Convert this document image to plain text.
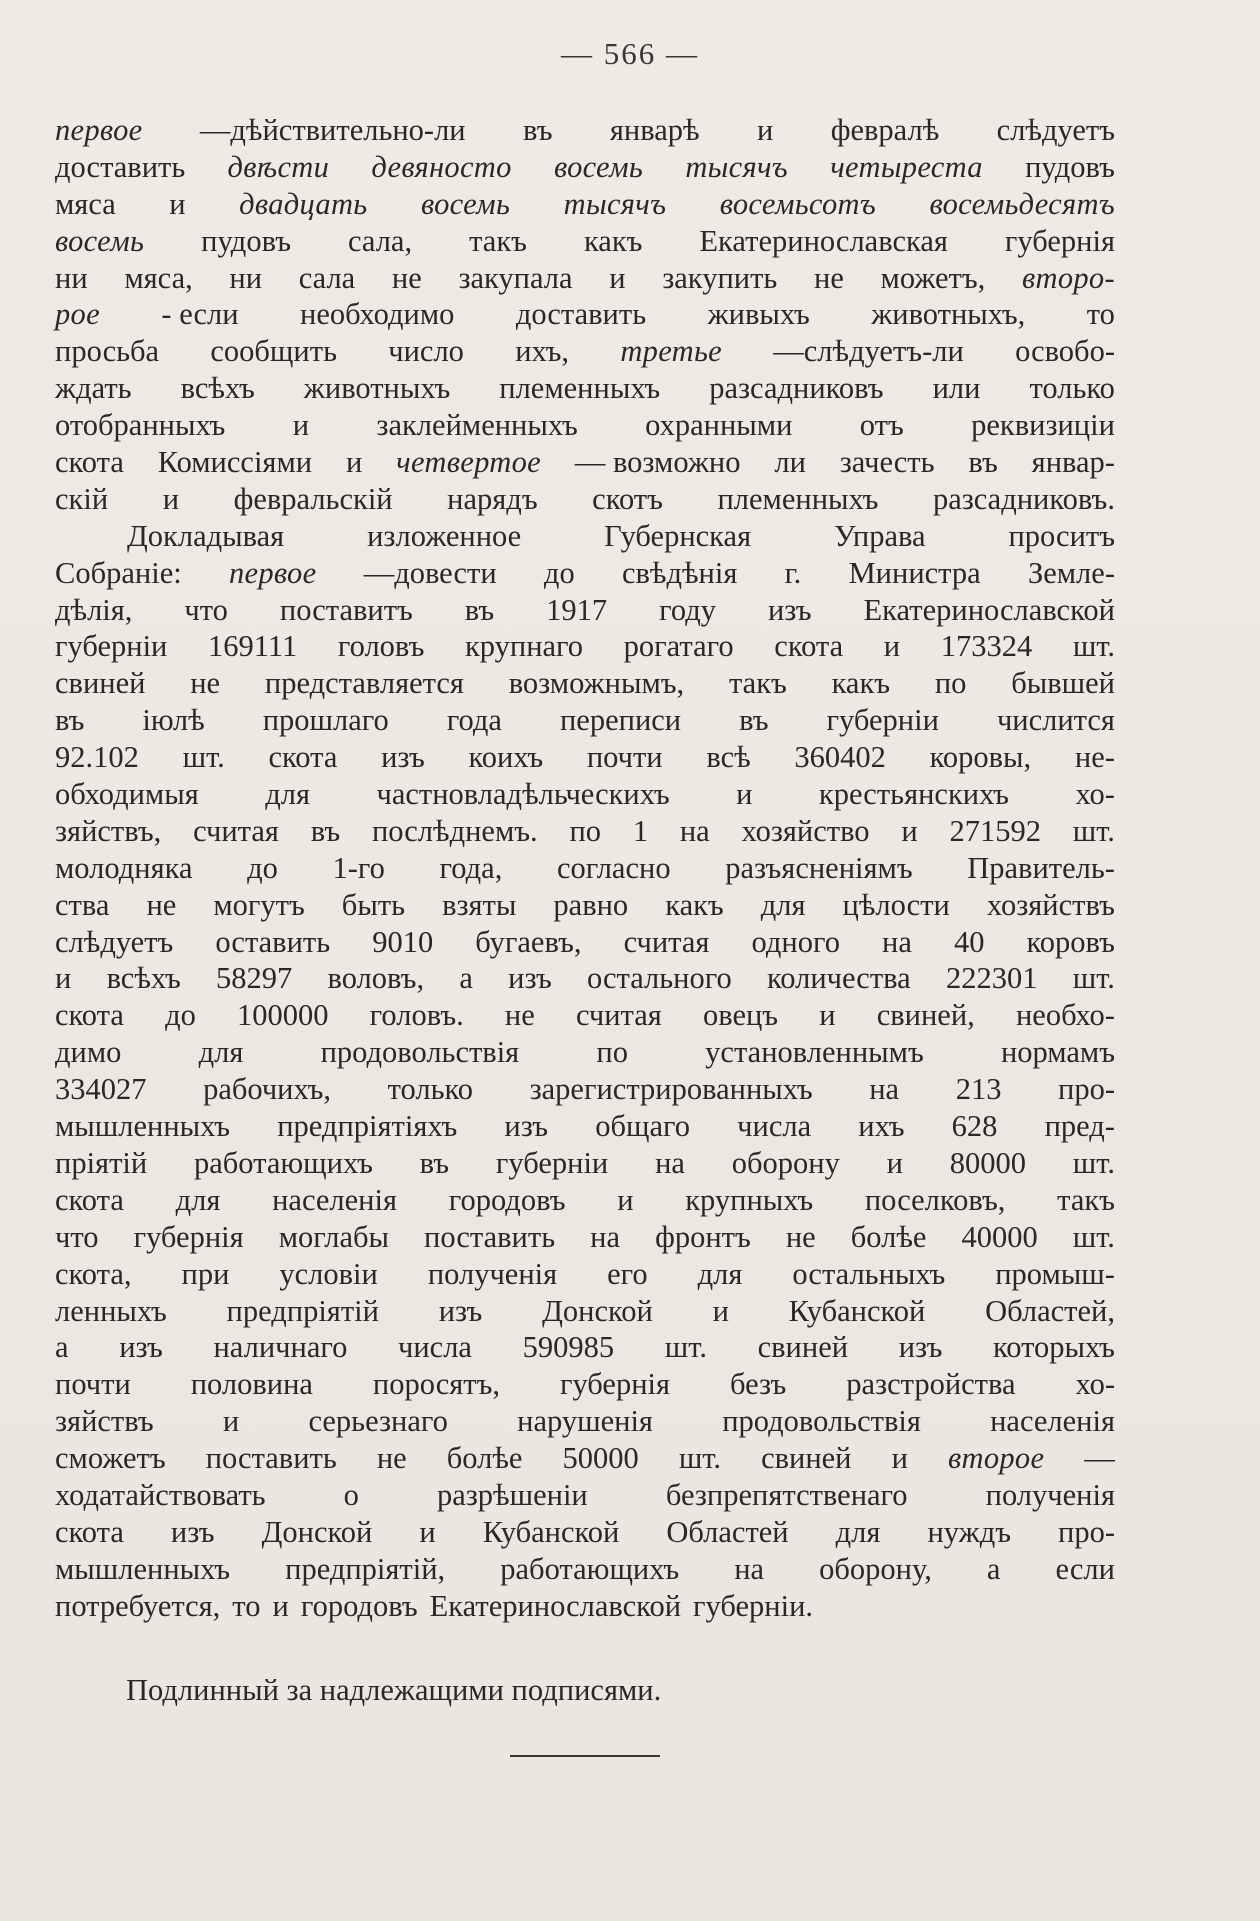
— 566 —
первое —дѣйствительно-ли въ январѣ и февралѣ слѣдуетъ
доставить двѣсти девяносто восемь тысячъ четыреста пудовъ
мяса и двадцать восемь тысячъ восемьсотъ восемьдесятъ
восемь пудовъ сала, такъ какъ Екатеринославская губернія
ни мяса, ни сала не закупала и закупить не можетъ, второ-
рое - если необходимо доставить живыхъ животныхъ, то
просьба сообщить число ихъ, третье —слѣдуетъ-ли освобо-
ждать всѣхъ животныхъ племенныхъ разсадниковъ или только
отобранныхъ и заклейменныхъ охранными отъ реквизиціи
скота Комиссіями и четвертое — возможно ли зачесть въ январ-
скій и февральскій нарядъ скотъ племенныхъ разсадниковъ.
Докладывая	изложенное	Губернская	Управа	проситъ
Собраніе: первое —довести до свѣдѣнія г. Министра Земле-
дѣлія, что поставитъ въ 1917 году изъ Екатеринославской
губерніи 169111 головъ крупнаго рогатаго скота и 173324 шт.
свиней не представляется возможнымъ, такъ какъ по бывшей
въ іюлѣ прошлаго года переписи въ губерніи числится
92.102 шт. скота изъ коихъ почти всѣ 360402 коровы, не-
обходимыя для частновладѣльческихъ и крестьянскихъ хо-
зяйствъ, считая въ послѣднемъ. по 1 на хозяйство и 271592 шт.
молодняка до 1-го года, согласно разъясненіямъ Правитель-
ства не могутъ быть взяты равно какъ для цѣлости хозяйствъ
слѣдуетъ оставить 9010 бугаевъ, считая одного на 40 коровъ
и всѣхъ 58297 воловъ, а изъ остального количества 222301 шт.
скота до 100000 головъ. не считая овецъ и свиней, необхо-
димо	для	продовольствія	по	установленнымъ	нормамъ
334027 рабочихъ, только зарегистрированныхъ на 213 про-
мышленныхъ предпріятіяхъ изъ общаго числа ихъ 628 пред-
пріятій работающихъ въ губерніи на оборону и 80000 шт.
скота для населенія городовъ и крупныхъ поселковъ, такъ
что губернія моглабы поставить на фронтъ не болѣе 40000 шт.
скота, при условіи полученія его для остальныхъ промыш-
ленныхъ предпріятій изъ Донской и Кубанской Областей,
а изъ наличнаго числа 590985 шт. свиней изъ которыхъ
почти половина поросятъ, губернія безъ разстройства хо-
зяйствъ и серьезнаго нарушенія продовольствія населенія
сможетъ поставить не болѣе 50000 шт. свиней и второе —
ходатайствовать	о	разрѣшеніи	безпрепятственаго	полученія
скота изъ Донской и Кубанской Областей для нуждъ про-
мышленныхъ предпріятій, работающихъ на оборону, а если
потребуется, то и городовъ Екатеринославской губерніи.
Подлинный за надлежащими подписями.
